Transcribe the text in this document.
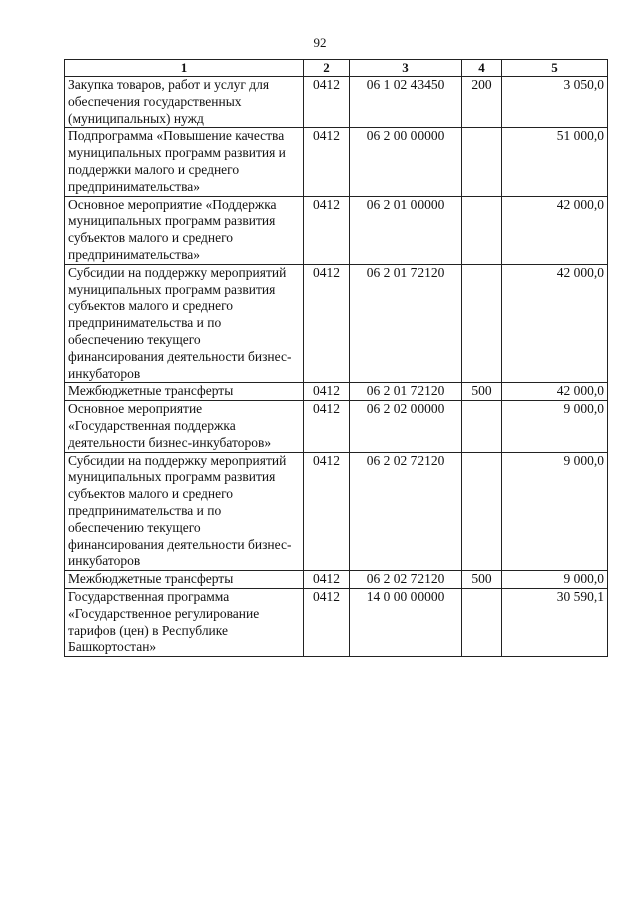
92
1	2	3	4	5
Закупка товаров, работ и услуг для обеспечения государственных (муниципальных) нужд	0412	06 1 02 43450	200	3 050,0
Подпрограмма «Повышение качества муниципальных программ развития и поддержки малого и среднего предпринимательства»	0412	06 2 00 00000		51 000,0
Основное мероприятие «Поддержка муниципальных программ развития субъектов малого и среднего предпринимательства»	0412	06 2 01 00000		42 000,0
Субсидии на поддержку мероприятий муниципальных программ развития субъектов малого и среднего предпринимательства и по обеспечению текущего финансирования деятельности бизнес-инкубаторов	0412	06 2 01 72120		42 000,0
Межбюджетные трансферты	0412	06 2 01 72120	500	42 000,0
Основное мероприятие «Государственная поддержка деятельности бизнес-инкубаторов»	0412	06 2 02 00000		9 000,0
Субсидии на поддержку мероприятий муниципальных программ развития субъектов малого и среднего предпринимательства и по обеспечению текущего финансирования деятельности бизнес-инкубаторов	0412	06 2 02 72120		9 000,0
Межбюджетные трансферты	0412	06 2 02 72120	500	9 000,0
Государственная программа «Государственное регулирование тарифов (цен) в Республике Башкортостан»	0412	14 0 00 00000		30 590,1
